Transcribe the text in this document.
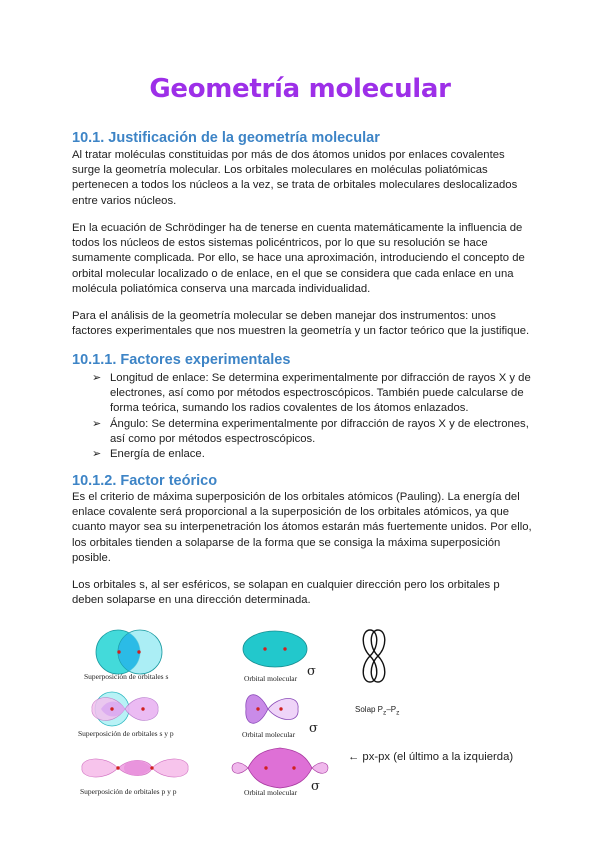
Geometría molecular
10.1. Justificación de la geometría molecular

Al tratar moléculas constituidas por más de dos átomos unidos por enlaces covalentes surge la geometría molecular. Los orbitales moleculares en moléculas poliatómicas pertenecen a todos los núcleos a la vez, se trata de orbitales moleculares deslocalizados entre varios núcleos.

En la ecuación de Schrödinger ha de tenerse en cuenta matemáticamente la influencia de todos los núcleos de estos sistemas policéntricos, por lo que su resolución se hace sumamente complicada. Por ello, se hace una aproximación, introduciendo el concepto de orbital molecular localizado o de enlace, en el que se considera que cada enlace en una molécula poliatómica conserva una marcada individualidad.

Para el análisis de la geometría molecular se deben manejar dos instrumentos: unos factores experimentales que nos muestren la geometría y un factor teórico que la justifique.

10.1.1. Factores experimentales
➢ Longitud de enlace: Se determina experimentalmente por difracción de rayos X y de electrones, así como por métodos espectroscópicos. También puede calcularse de forma teórica, sumando los radios covalentes de los átomos enlazados.
➢ Ángulo: Se determina experimentalmente por difracción de rayos X y de electrones, así como por métodos espectroscópicos.
➢ Energía de enlace.
10.1.2. Factor teórico

Es el criterio de máxima superposición de los orbitales atómicos (Pauling). La energía del enlace covalente será proporcional a la superposición de los orbitales atómicos, ya que cuanto mayor sea su interpenetración los átomos estarán más fuertemente unidos. Por ello, los orbitales tienden a solaparse de la forma que se consiga la máxima superposición posible.

Los orbitales s, al ser esféricos, se solapan en cualquier dirección pero los orbitales p deben solaparse en una dirección determinada.

Superposición de orbitales s	Orbital molecular σ
Solap $P_z-P_z$
Superposición de orbitales s y p	Orbital molecular σ
Superposición de orbitales p y p	Orbital molecular σ
← px-px (el último a la izquierda)
